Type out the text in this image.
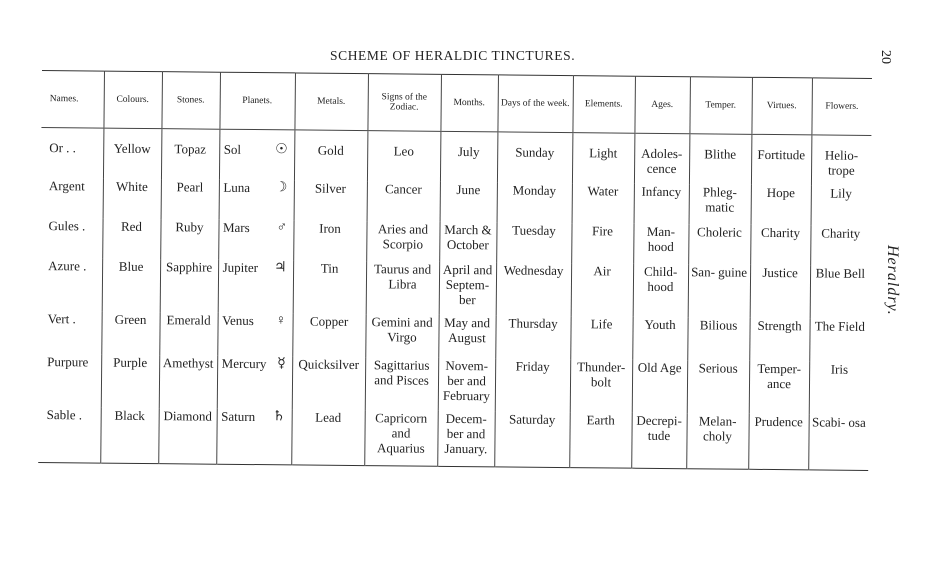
SCHEME OF HERALDIC TINCTURES.	20
Heraldry.
Names.	Colours.	Stones.	Planets.	Metals.	Signs of the Zodiac.	Months.	Days of the week.	Elements.	Ages.	Temper.	Virtues.	Flowers.
Or . .	Yellow	Topaz	Sol ☉	Gold	Leo	July	Sunday	Light	Adoles- cence	Blithe	Fortitude	Helio- trope
Argent	White	Pearl	Luna ☽	Silver	Cancer	June	Monday	Water	Infancy	Phleg- matic	Hope	Lily
Gules .	Red	Ruby	Mars ♂	Iron	Aries and Scorpio	March & October	Tuesday	Fire	Man- hood	Choleric	Charity	Charity
Azure .	Blue	Sapphire	Jupiter ♃	Tin	Taurus and Libra	April and Septem- ber	Wednesday	Air	Child- hood	San- guine	Justice	Blue Bell
Vert .	Green	Emerald	Venus ♀	Copper	Gemini and Virgo	May and August	Thursday	Life	Youth	Bilious	Strength	The Field
Purpure	Purple	Amethyst	Mercury ☿	Quicksilver	Sagittarius and Pisces	Novem- ber and February	Friday	Thunder- bolt	Old Age	Serious	Temper- ance	Iris
Sable .	Black	Diamond	Saturn ♄	Lead	Capricorn and Aquarius	Decem- ber and January.	Saturday	Earth	Decrepi- tude	Melan- choly	Prudence	Scabi- osa
